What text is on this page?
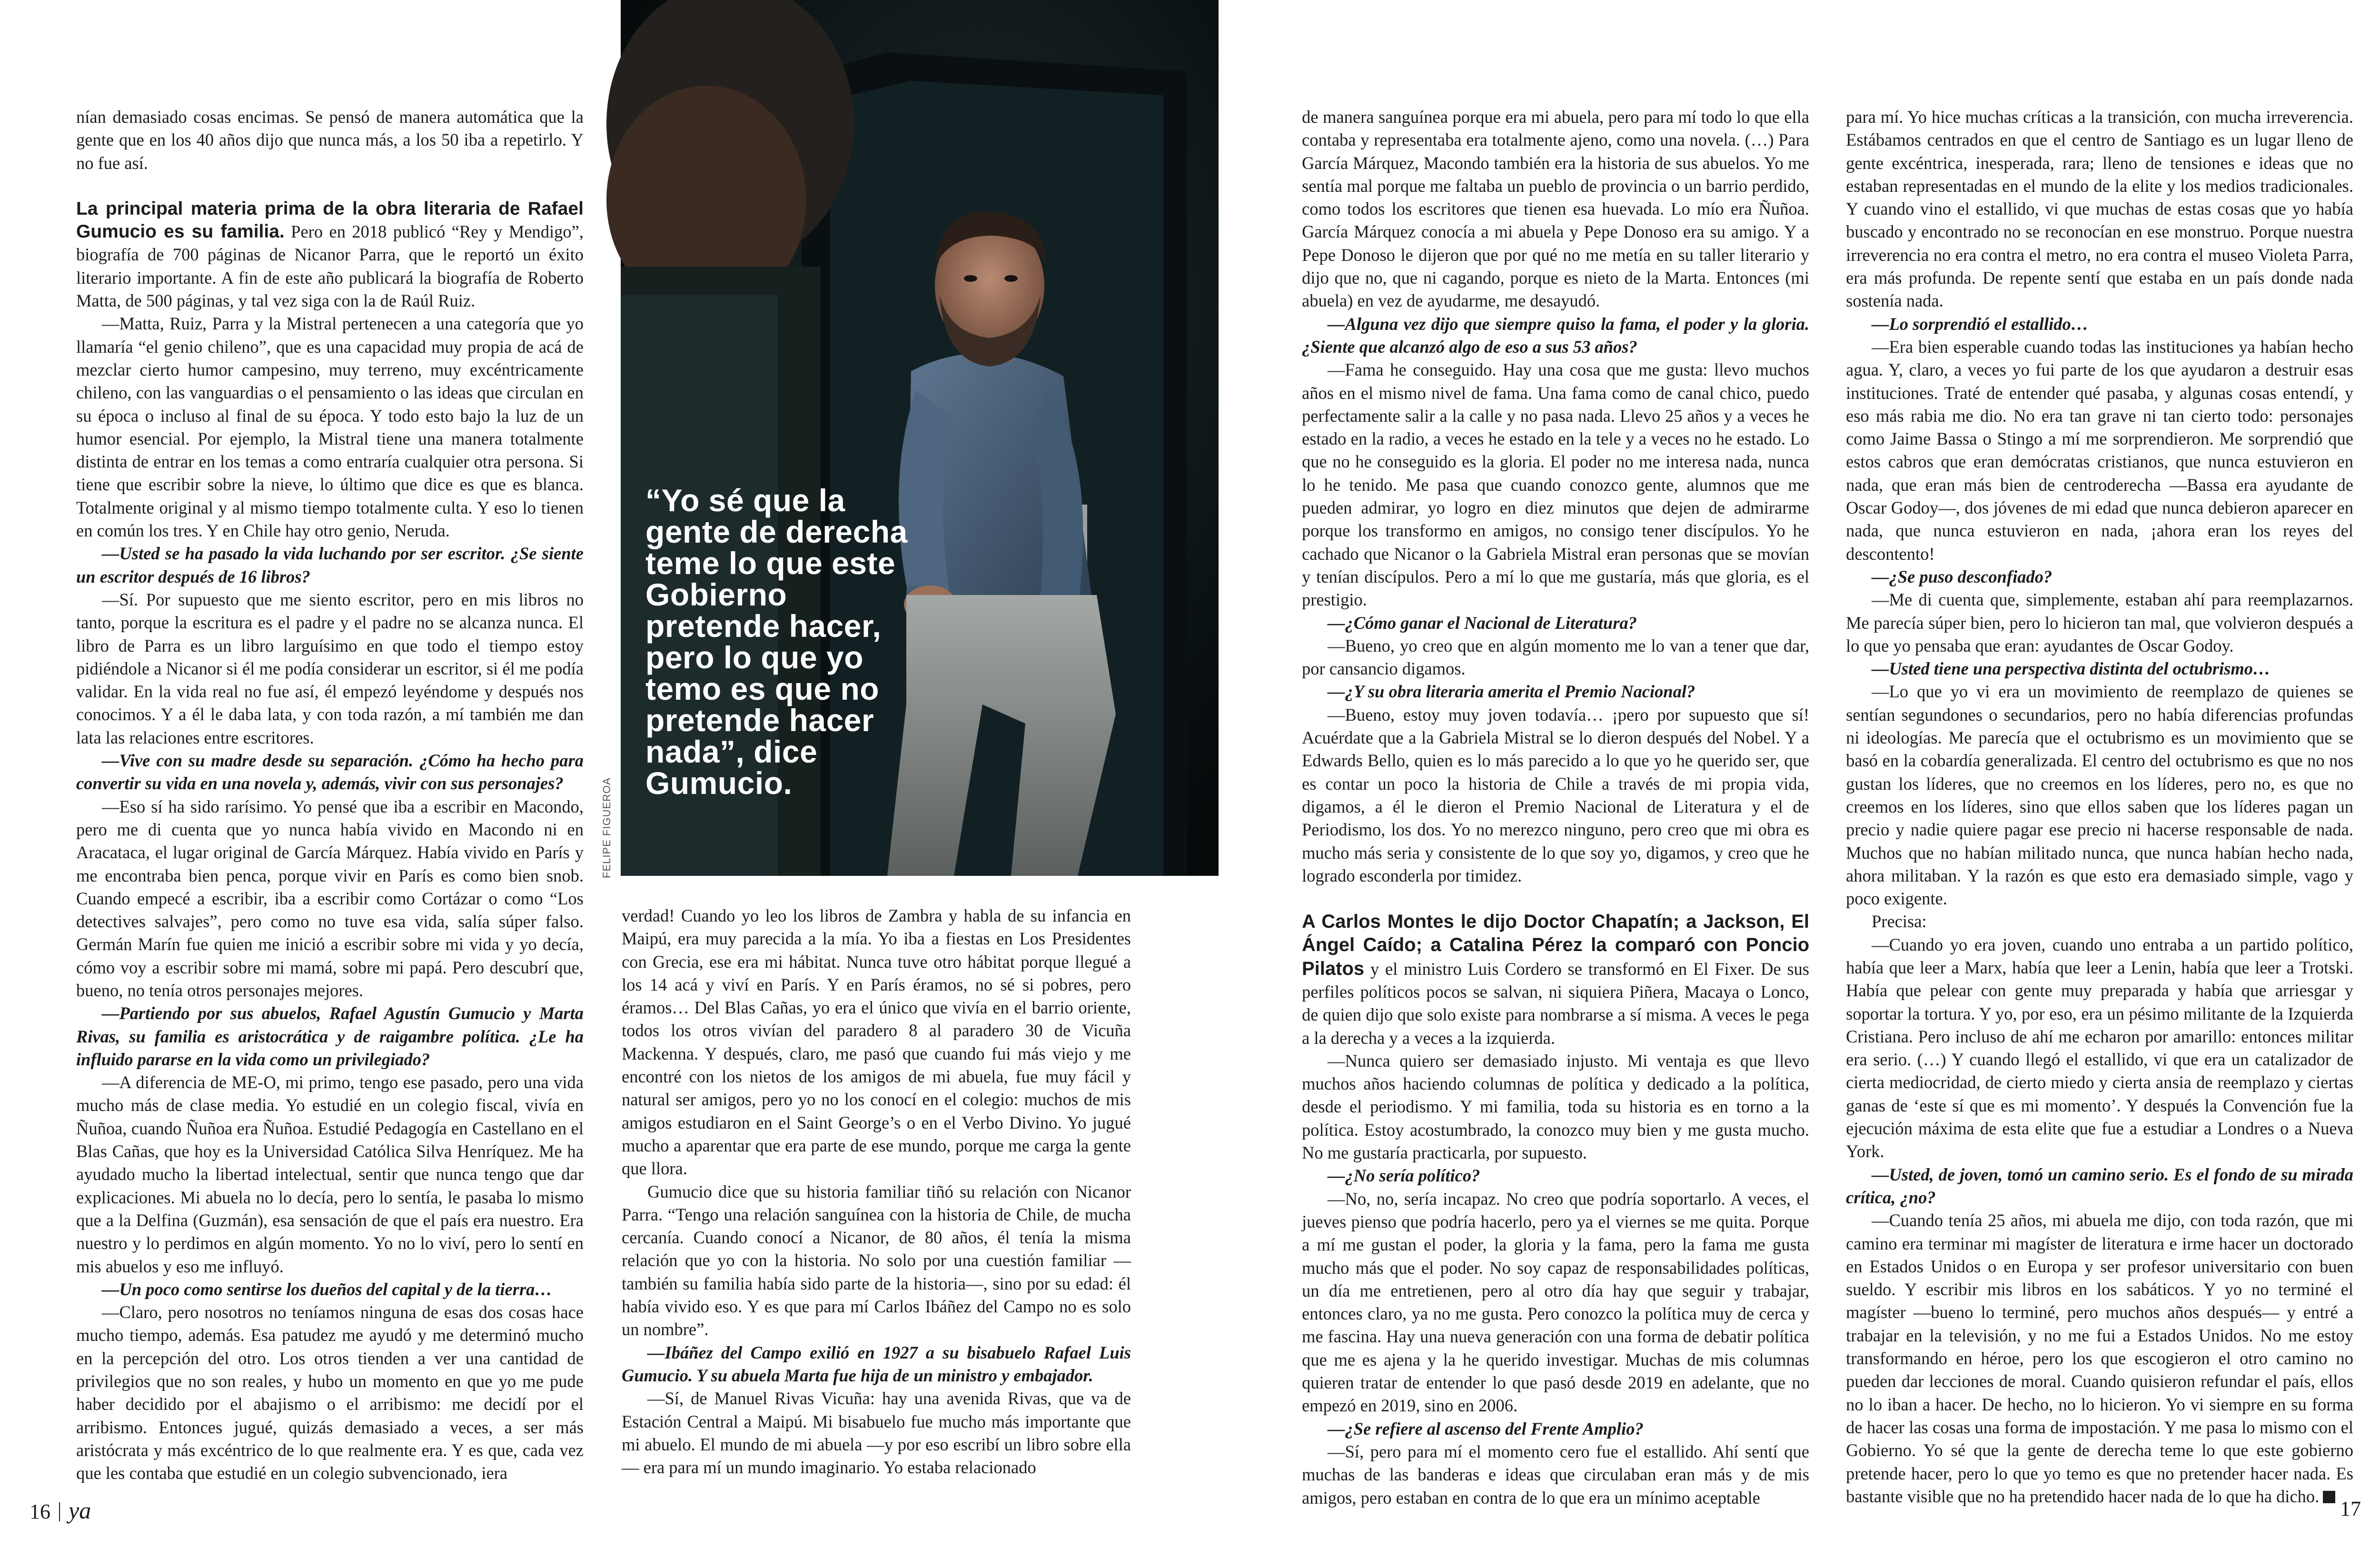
“Yo sé que la gente de derecha teme lo que este Gobierno pretende hacer, pero lo que yo temo es que no pretende hacer nada”, dice Gumucio.
FELIPE FIGUEROA

nían demasiado cosas encimas. Se pensó de manera automática que la gente que en los 40 años dijo que nunca más, a los 50 iba a repetirlo. Y no fue así.

La principal materia prima de la obra literaria de Rafael Gumucio es su familia. Pero en 2018 publicó “Rey y Mendigo”, biografía de 700 páginas de Nicanor Parra, que le reportó un éxito literario importante. A fin de este año publicará la biografía de Roberto Matta, de 500 páginas, y tal vez siga con la de Raúl Ruiz.

—Matta, Ruiz, Parra y la Mistral pertenecen a una categoría que yo llamaría “el genio chileno”, que es una capacidad muy propia de acá de mezclar cierto humor campesino, muy terreno, muy excéntricamente chileno, con las vanguardias o el pensamiento o las ideas que circulan en su época o incluso al final de su época. Y todo esto bajo la luz de un humor esencial. Por ejemplo, la Mistral tiene una manera totalmente distinta de entrar en los temas a como entraría cualquier otra persona. Si tiene que escribir sobre la nieve, lo último que dice es que es blanca. Totalmente original y al mismo tiempo totalmente culta. Y eso lo tienen en común los tres. Y en Chile hay otro genio, Neruda.

—Usted se ha pasado la vida luchando por ser escritor. ¿Se siente un escritor después de 16 libros?

—Sí. Por supuesto que me siento escritor, pero en mis libros no tanto, porque la escritura es el padre y el padre no se alcanza nunca. El libro de Parra es un libro larguísimo en que todo el tiempo estoy pidiéndole a Nicanor si él me podía considerar un escritor, si él me podía validar. En la vida real no fue así, él empezó leyéndome y después nos conocimos. Y a él le daba lata, y con toda razón, a mí también me dan lata las relaciones entre escritores.

—Vive con su madre desde su separación. ¿Cómo ha hecho para convertir su vida en una novela y, además, vivir con sus personajes?

—Eso sí ha sido rarísimo. Yo pensé que iba a escribir en Macondo, pero me di cuenta que yo nunca había vivido en Macondo ni en Aracataca, el lugar original de García Márquez. Había vivido en París y me encontraba bien penca, porque vivir en París es como bien snob. Cuando empecé a escribir, iba a escribir como Cortázar o como “Los detectives salvajes”, pero como no tuve esa vida, salía súper falso. Germán Marín fue quien me inició a escribir sobre mi vida y yo decía, cómo voy a escribir sobre mi mamá, sobre mi papá. Pero descubrí que, bueno, no tenía otros personajes mejores.

—Partiendo por sus abuelos, Rafael Agustín Gumucio y Marta Rivas, su familia es aristocrática y de raigambre política. ¿Le ha influido pararse en la vida como un privilegiado?

—A diferencia de ME-O, mi primo, tengo ese pasado, pero una vida mucho más de clase media. Yo estudié en un colegio fiscal, vivía en Ñuñoa, cuando Ñuñoa era Ñuñoa. Estudié Pedagogía en Castellano en el Blas Cañas, que hoy es la Universidad Católica Silva Henríquez. Me ha ayudado mucho la libertad intelectual, sentir que nunca tengo que dar explicaciones. Mi abuela no lo decía, pero lo sentía, le pasaba lo mismo que a la Delfina (Guzmán), esa sensación de que el país era nuestro. Era nuestro y lo perdimos en algún momento. Yo no lo viví, pero lo sentí en mis abuelos y eso me influyó.

—Un poco como sentirse los dueños del capital y de la tierra…

—Claro, pero nosotros no teníamos ninguna de esas dos cosas hace mucho tiempo, además. Esa patudez me ayudó y me determinó mucho en la percepción del otro. Los otros tienden a ver una cantidad de privilegios que no son reales, y hubo un momento en que yo me pude haber decidido por el abajismo o el arribismo: me decidí por el arribismo. Entonces jugué, quizás demasiado a veces, a ser más aristócrata y más excéntrico de lo que realmente era. Y es que, cada vez que les contaba que estudié en un colegio subvencionado, iera

verdad! Cuando yo leo los libros de Zambra y habla de su infancia en Maipú, era muy parecida a la mía. Yo iba a fiestas en Los Presidentes con Grecia, ese era mi hábitat. Nunca tuve otro hábitat porque llegué a los 14 acá y viví en París. Y en París éramos, no sé si pobres, pero éramos… Del Blas Cañas, yo era el único que vivía en el barrio oriente, todos los otros vivían del paradero 8 al paradero 30 de Vicuña Mackenna. Y después, claro, me pasó que cuando fui más viejo y me encontré con los nietos de los amigos de mi abuela, fue muy fácil y natural ser amigos, pero yo no los conocí en el colegio: muchos de mis amigos estudiaron en el Saint George’s o en el Verbo Divino. Yo jugué mucho a aparentar que era parte de ese mundo, porque me carga la gente que llora.

Gumucio dice que su historia familiar tiñó su relación con Nicanor Parra. “Tengo una relación sanguínea con la historia de Chile, de mucha cercanía. Cuando conocí a Nicanor, de 80 años, él tenía la misma relación que yo con la historia. No solo por una cuestión familiar —también su familia había sido parte de la historia—, sino por su edad: él había vivido eso. Y es que para mí Carlos Ibáñez del Campo no es solo un nombre”.

—Ibáñez del Campo exilió en 1927 a su bisabuelo Rafael Luis Gumucio. Y su abuela Marta fue hija de un ministro y embajador.

—Sí, de Manuel Rivas Vicuña: hay una avenida Rivas, que va de Estación Central a Maipú. Mi bisabuelo fue mucho más importante que mi abuelo. El mundo de mi abuela —y por eso escribí un libro sobre ella— era para mí un mundo imaginario. Yo estaba relacionado

de manera sanguínea porque era mi abuela, pero para mí todo lo que ella contaba y representaba era totalmente ajeno, como una novela. (…) Para García Márquez, Macondo también era la historia de sus abuelos. Yo me sentía mal porque me faltaba un pueblo de provincia o un barrio perdido, como todos los escritores que tienen esa huevada. Lo mío era Ñuñoa. García Márquez conocía a mi abuela y Pepe Donoso era su amigo. Y a Pepe Donoso le dijeron que por qué no me metía en su taller literario y dijo que no, que ni cagando, porque es nieto de la Marta. Entonces (mi abuela) en vez de ayudarme, me desayudó.

—Alguna vez dijo que siempre quiso la fama, el poder y la gloria. ¿Siente que alcanzó algo de eso a sus 53 años?

—Fama he conseguido. Hay una cosa que me gusta: llevo muchos años en el mismo nivel de fama. Una fama como de canal chico, puedo perfectamente salir a la calle y no pasa nada. Llevo 25 años y a veces he estado en la radio, a veces he estado en la tele y a veces no he estado. Lo que no he conseguido es la gloria. El poder no me interesa nada, nunca lo he tenido. Me pasa que cuando conozco gente, alumnos que me pueden admirar, yo logro en diez minutos que dejen de admirarme porque los transformo en amigos, no consigo tener discípulos. Yo he cachado que Nicanor o la Gabriela Mistral eran personas que se movían y tenían discípulos. Pero a mí lo que me gustaría, más que gloria, es el prestigio.

—¿Cómo ganar el Nacional de Literatura?

—Bueno, yo creo que en algún momento me lo van a tener que dar, por cansancio digamos.

—¿Y su obra literaria amerita el Premio Nacional?

—Bueno, estoy muy joven todavía… ¡pero por supuesto que sí! Acuérdate que a la Gabriela Mistral se lo dieron después del Nobel. Y a Edwards Bello, quien es lo más parecido a lo que yo he querido ser, que es contar un poco la historia de Chile a través de mi propia vida, digamos, a él le dieron el Premio Nacional de Literatura y el de Periodismo, los dos. Yo no merezco ninguno, pero creo que mi obra es mucho más seria y consistente de lo que soy yo, digamos, y creo que he logrado esconderla por timidez.

A Carlos Montes le dijo Doctor Chapatín; a Jackson, El Ángel Caído; a Catalina Pérez la comparó con Poncio Pilatos y el ministro Luis Cordero se transformó en El Fixer. De sus perfiles políticos pocos se salvan, ni siquiera Piñera, Macaya o Lonco, de quien dijo que solo existe para nombrarse a sí misma. A veces le pega a la derecha y a veces a la izquierda.

—Nunca quiero ser demasiado injusto. Mi ventaja es que llevo muchos años haciendo columnas de política y dedicado a la política, desde el periodismo. Y mi familia, toda su historia es en torno a la política. Estoy acostumbrado, la conozco muy bien y me gusta mucho. No me gustaría practicarla, por supuesto.

—¿No sería político?

—No, no, sería incapaz. No creo que podría soportarlo. A veces, el jueves pienso que podría hacerlo, pero ya el viernes se me quita. Porque a mí me gustan el poder, la gloria y la fama, pero la fama me gusta mucho más que el poder. No soy capaz de responsabilidades políticas, un día me entretienen, pero al otro día hay que seguir y trabajar, entonces claro, ya no me gusta. Pero conozco la política muy de cerca y me fascina. Hay una nueva generación con una forma de debatir política que me es ajena y la he querido investigar. Muchas de mis columnas quieren tratar de entender lo que pasó desde 2019 en adelante, que no empezó en 2019, sino en 2006.

—¿Se refiere al ascenso del Frente Amplio?

—Sí, pero para mí el momento cero fue el estallido. Ahí sentí que muchas de las banderas e ideas que circulaban eran más y de mis amigos, pero estaban en contra de lo que era un mínimo aceptable

para mí. Yo hice muchas críticas a la transición, con mucha irreverencia. Estábamos centrados en que el centro de Santiago es un lugar lleno de gente excéntrica, inesperada, rara; lleno de tensiones e ideas que no estaban representadas en el mundo de la elite y los medios tradicionales. Y cuando vino el estallido, vi que muchas de estas cosas que yo había buscado y encontrado no se reconocían en ese monstruo. Porque nuestra irreverencia no era contra el metro, no era contra el museo Violeta Parra, era más profunda. De repente sentí que estaba en un país donde nada sostenía nada.

—Lo sorprendió el estallido…

—Era bien esperable cuando todas las instituciones ya habían hecho agua. Y, claro, a veces yo fui parte de los que ayudaron a destruir esas instituciones. Traté de entender qué pasaba, y algunas cosas entendí, y eso más rabia me dio. No era tan grave ni tan cierto todo: personajes como Jaime Bassa o Stingo a mí me sorprendieron. Me sorprendió que estos cabros que eran demócratas cristianos, que nunca estuvieron en nada, que eran más bien de centroderecha —Bassa era ayudante de Oscar Godoy—, dos jóvenes de mi edad que nunca debieron aparecer en nada, que nunca estuvieron en nada, ¡ahora eran los reyes del descontento!

—¿Se puso desconfiado?

—Me di cuenta que, simplemente, estaban ahí para reemplazarnos. Me parecía súper bien, pero lo hicieron tan mal, que volvieron después a lo que yo pensaba que eran: ayudantes de Oscar Godoy.

—Usted tiene una perspectiva distinta del octubrismo…

—Lo que yo vi era un movimiento de reemplazo de quienes se sentían segundones o secundarios, pero no había diferencias profundas ni ideologías. Me parecía que el octubrismo es un movimiento que se basó en la cobardía generalizada. El centro del octubrismo es que no nos gustan los líderes, que no creemos en los líderes, pero no, es que no creemos en los líderes, sino que ellos saben que los líderes pagan un precio y nadie quiere pagar ese precio ni hacerse responsable de nada. Muchos que no habían militado nunca, que nunca habían hecho nada, ahora militaban. Y la razón es que esto era demasiado simple, vago y poco exigente.

Precisa:

—Cuando yo era joven, cuando uno entraba a un partido político, había que leer a Marx, había que leer a Lenin, había que leer a Trotski. Había que pelear con gente muy preparada y había que arriesgar y soportar la tortura. Y yo, por eso, era un pésimo militante de la Izquierda Cristiana. Pero incluso de ahí me echaron por amarillo: entonces militar era serio. (…) Y cuando llegó el estallido, vi que era un catalizador de cierta mediocridad, de cierto miedo y cierta ansia de reemplazo y ciertas ganas de ‘este sí que es mi momento’. Y después la Convención fue la ejecución máxima de esta elite que fue a estudiar a Londres o a Nueva York.

—Usted, de joven, tomó un camino serio. Es el fondo de su mirada crítica, ¿no?

—Cuando tenía 25 años, mi abuela me dijo, con toda razón, que mi camino era terminar mi magíster de literatura e irme hacer un doctorado en Estados Unidos o en Europa y ser profesor universitario con buen sueldo. Y escribir mis libros en los sabáticos. Y yo no terminé el magíster —bueno lo terminé, pero muchos años después— y entré a trabajar en la televisión, y no me fui a Estados Unidos. No me estoy transformando en héroe, pero los que escogieron el otro camino no pueden dar lecciones de moral. Cuando quisieron refundar el país, ellos no lo iban a hacer. De hecho, no lo hicieron. Yo vi siempre en su forma de hacer las cosas una forma de impostación. Y me pasa lo mismo con el Gobierno. Yo sé que la gente de derecha teme lo que este gobierno pretende hacer, pero lo que yo temo es que no pretender hacer nada. Es bastante visible que no ha pretendido hacer nada de lo que ha dicho.

16 ya	17
